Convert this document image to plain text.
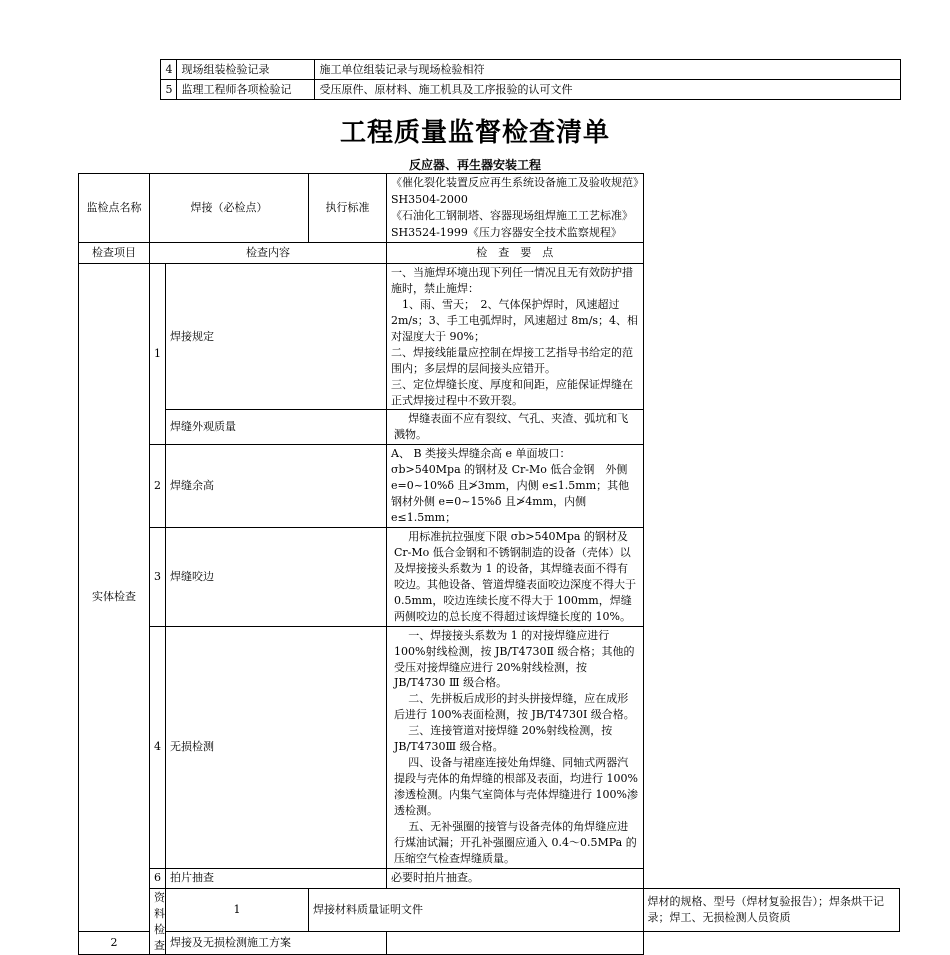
	4	现场组装检验记录	施工单位组装记录与现场检验相符
	5	监理工程师各项检验记	受压原件、原材料、施工机具及工序报验的认可文件
工程质量监督检查清单
反应器、再生器安装工程
监检点名称	焊接（必检点）		执行标准	《催化裂化装置反应再生系统设备施工及验收规范》SH3504-2000

《石油化工钢制塔、容器现场组焊施工工艺标准》SH3524-1999《压力容器安全技术监察规程》	

检查项目	检查内容			检　查　要　点	
实体检查	1	焊接规定		一、当施焊环境出现下列任一情况且无有效防护措施时，禁止施焊：

　1、雨、雪天；　2、气体保护焊时，风速超过 2m/s；3、手工电弧焊时，风速超过 8m/s；4、相对湿度大于 90%；

二、焊接线能量应控制在焊接工艺指导书给定的范围内；多层焊的层间接头应错开。

三、定位焊缝长度、厚度和间距，应能保证焊缝在正式焊接过程中不致开裂。	

		焊缝外观质量		焊缝表面不应有裂纹、气孔、夹渣、弧坑和飞溅物。	
	2	焊缝余高		A、 B 类接头焊缝余高 e 单面坡口：σb>540Mpa 的钢材及 Cr-Mo 低合金钢　外侧 e=0~10%δ 且≯3mm，内侧 e≤1.5mm；其他钢材外侧 e=0~15%δ 且≯4mm，内侧 e≤1.5mm；	
	3	焊缝咬边		用标准抗拉强度下限 σb>540Mpa 的钢材及 Cr-Mo 低合金钢和不锈钢制造的设备（壳体）以及焊接接头系数为 1 的设备，其焊缝表面不得有咬边。其他设备、管道焊缝表面咬边深度不得大于 0.5mm，咬边连续长度不得大于 100mm，焊缝两侧咬边的总长度不得超过该焊缝长度的 10%。	
	4	无损检测		一、焊接接头系数为 1 的对接焊缝应进行 100%射线检测，按 JB/T4730Ⅱ 级合格；其他的受压对接焊缝应进行 20%射线检测，按 JB/T4730 Ⅲ 级合格。

二、先拼板后成形的封头拼接焊缝，应在成形后进行 100%表面检测，按 JB/T4730Ⅰ 级合格。

三、连接管道对接焊缝 20%射线检测，按 JB/T4730Ⅲ 级合格。

四、设备与裙座连接处角焊缝、同轴式两器汽提段与壳体的角焊缝的根部及表面，均进行 100%渗透检测。内集气室筒体与壳体焊缝进行 100%渗透检测。

五、无补强圈的接管与设备壳体的角焊缝应进行煤油试漏；开孔补强圈应通入 0.4～0.5MPa 的压缩空气检查焊缝质量。	

	6	拍片抽查		必要时拍片抽查。	
	资料检查	1	焊接材料质量证明文件		焊材的规格、型号（焊材复验报告）；焊条烘干记录；焊工、无损检测人员资质
2		焊接及无损检测施工方案			
